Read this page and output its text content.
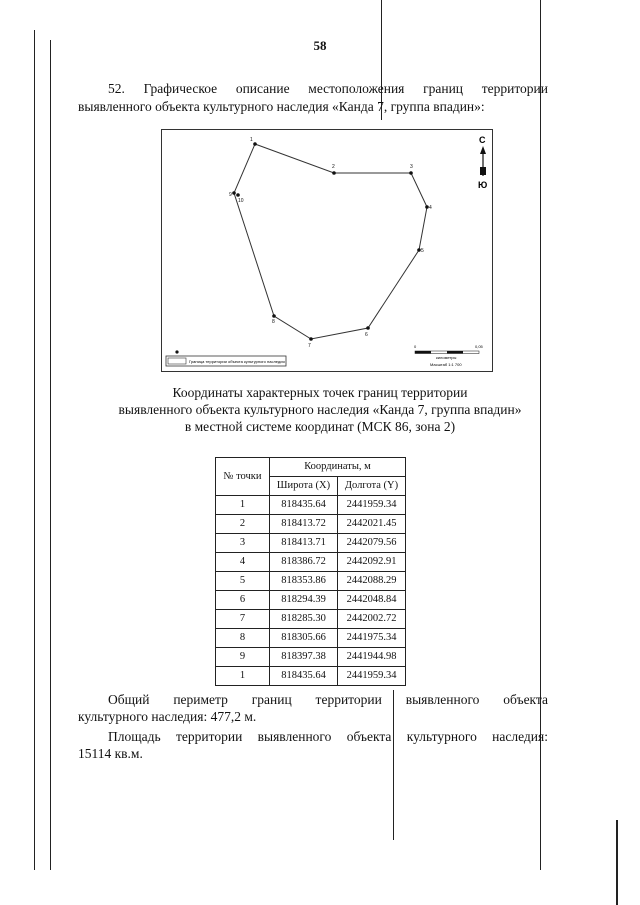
58
52. Графическое описание местоположения границ территории
выявленного объекта культурного наследия «Канда 7, группа впадин»:
1
2	3
4
5
6
7
8
9
10
С
Ю
Граница территории объекта культурного наследия
0	0,05
километры
Масштаб 1:1 700
Координаты характерных точек границ территории
выявленного объекта культурного наследия «Канда 7, группа впадин»
в местной системе координат (МСК 86, зона 2)
№ точки	Координаты, м	
	Широта (X)	Долгота (Y)
1	818435.64	2441959.34
2	818413.72	2442021.45
3	818413.71	2442079.56
4	818386.72	2442092.91
5	818353.86	2442088.29
6	818294.39	2442048.84
7	818285.30	2442002.72
8	818305.66	2441975.34
9	818397.38	2441944.98
1	818435.64	2441959.34
Общий периметр границ территории выявленного объекта
культурного наследия: 477,2 м.
Площадь территории выявленного объекта культурного наследия:
15114 кв.м.
